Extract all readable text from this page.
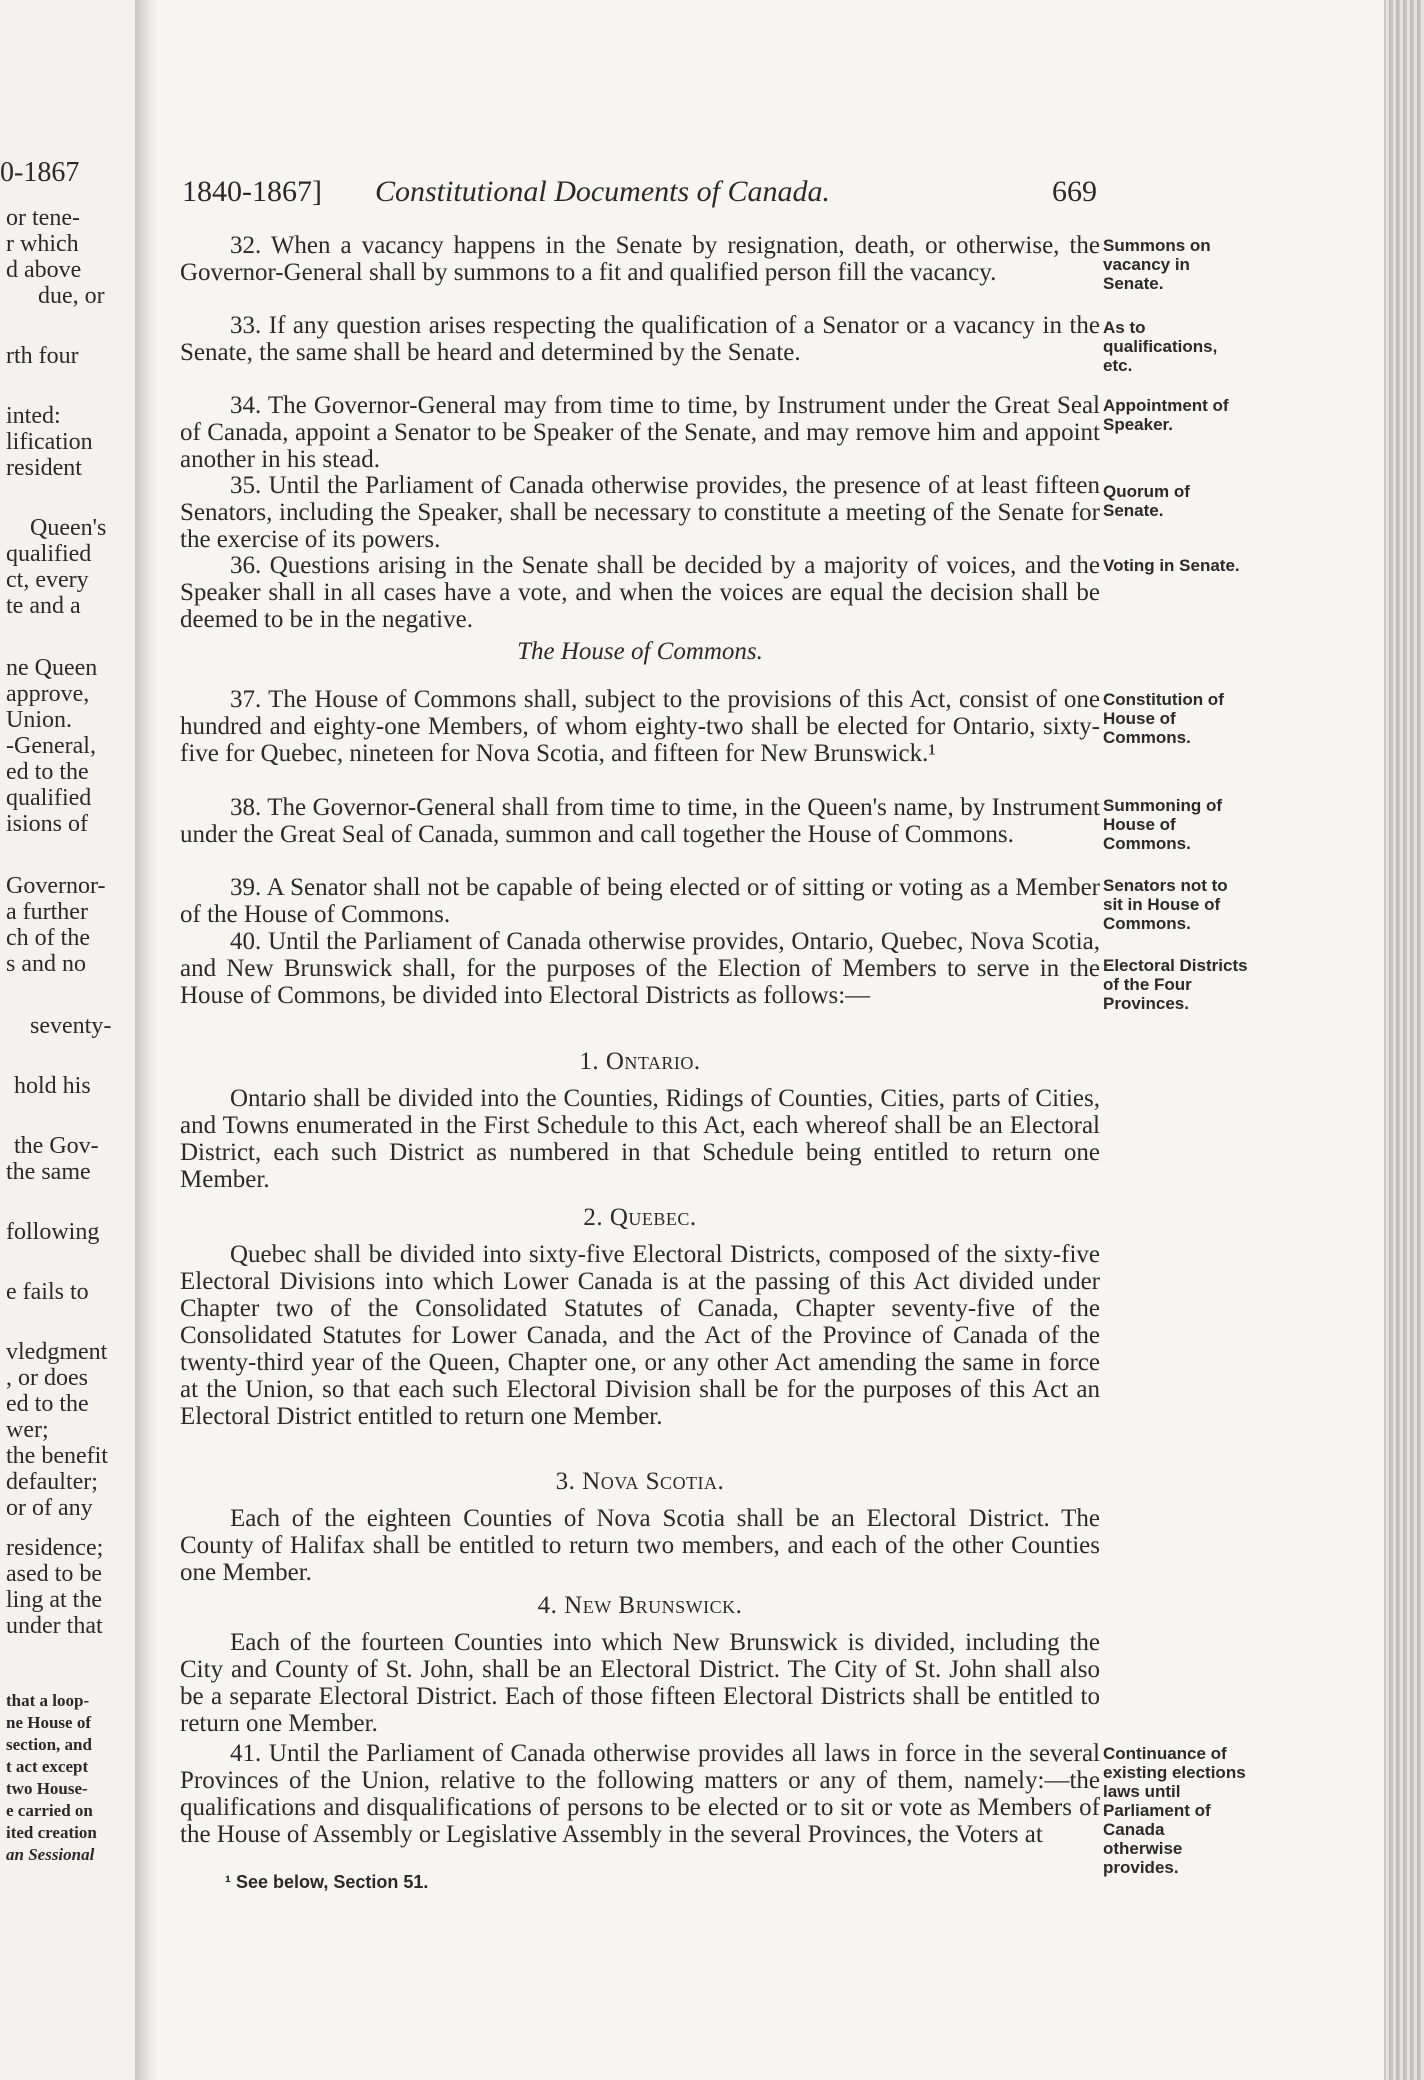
0-1867
or tene-
r which
d above
due, or
rth four
inted:
lification
resident
Queen's
qualified
ct, every
te and a
ne Queen
approve,
Union.
-General,
ed to the
qualified
isions of
Governor-
a further
ch of the
s and no
seventy-
hold his
the Gov-
the same
following
e fails to
vledgment
, or does
ed to the
wer;
the benefit
defaulter;
or of any
residence;
ased to be
ling at the
under that
that a loop-
ne House of
section, and
t act except
two House-
e carried on
ited creation
an Sessional
1840-1867] Constitutional Documents of Canada.	669

32. When a vacancy happens in the Senate by resignation, death, or otherwise, the Governor-General shall by summons to a fit and qualified person fill the vacancy.

Summons on vacancy in Senate.

33. If any question arises respecting the qualification of a Senator or a vacancy in the Senate, the same shall be heard and determined by the Senate.

As to qualifications, etc.

34. The Governor-General may from time to time, by Instrument under the Great Seal of Canada, appoint a Senator to be Speaker of the Senate, and may remove him and appoint another in his stead.

Appointment of Speaker.

35. Until the Parliament of Canada otherwise provides, the presence of at least fifteen Senators, including the Speaker, shall be necessary to constitute a meeting of the Senate for the exercise of its powers.

Quorum of Senate.

36. Questions arising in the Senate shall be decided by a majority of voices, and the Speaker shall in all cases have a vote, and when the voices are equal the decision shall be deemed to be in the negative.

Voting in Senate.

The House of Commons.

37. The House of Commons shall, subject to the provisions of this Act, consist of one hundred and eighty-one Members, of whom eighty-two shall be elected for Ontario, sixty-five for Quebec, nineteen for Nova Scotia, and fifteen for New Brunswick.¹

Constitution of House of Commons.

38. The Governor-General shall from time to time, in the Queen's name, by Instrument under the Great Seal of Canada, summon and call together the House of Commons.

Summoning of House of Commons.

39. A Senator shall not be capable of being elected or of sitting or voting as a Member of the House of Commons.

Senators not to sit in House of Commons.

40. Until the Parliament of Canada otherwise provides, Ontario, Quebec, Nova Scotia, and New Brunswick shall, for the purposes of the Election of Members to serve in the House of Commons, be divided into Electoral Districts as follows:—

Electoral Districts of the Four Provinces.

1. Ontario.

Ontario shall be divided into the Counties, Ridings of Counties, Cities, parts of Cities, and Towns enumerated in the First Schedule to this Act, each whereof shall be an Electoral District, each such District as numbered in that Schedule being entitled to return one Member.

2. Quebec.

Quebec shall be divided into sixty-five Electoral Districts, composed of the sixty-five Electoral Divisions into which Lower Canada is at the passing of this Act divided under Chapter two of the Consolidated Statutes of Canada, Chapter seventy-five of the Consolidated Statutes for Lower Canada, and the Act of the Province of Canada of the twenty-third year of the Queen, Chapter one, or any other Act amending the same in force at the Union, so that each such Electoral Division shall be for the purposes of this Act an Electoral District entitled to return one Member.

3. Nova Scotia.

Each of the eighteen Counties of Nova Scotia shall be an Electoral District. The County of Halifax shall be entitled to return two members, and each of the other Counties one Member.

4. New Brunswick.

Each of the fourteen Counties into which New Brunswick is divided, including the City and County of St. John, shall be an Electoral District. The City of St. John shall also be a separate Electoral District. Each of those fifteen Electoral Districts shall be entitled to return one Member.

41. Until the Parliament of Canada otherwise provides all laws in force in the several Provinces of the Union, relative to the following matters or any of them, namely:—the qualifications and disqualifications of persons to be elected or to sit or vote as Members of the House of Assembly or Legislative Assembly in the several Provinces, the Voters at

Continuance of existing elections laws until Parliament of Canada otherwise provides.
¹ See below, Section 51.
